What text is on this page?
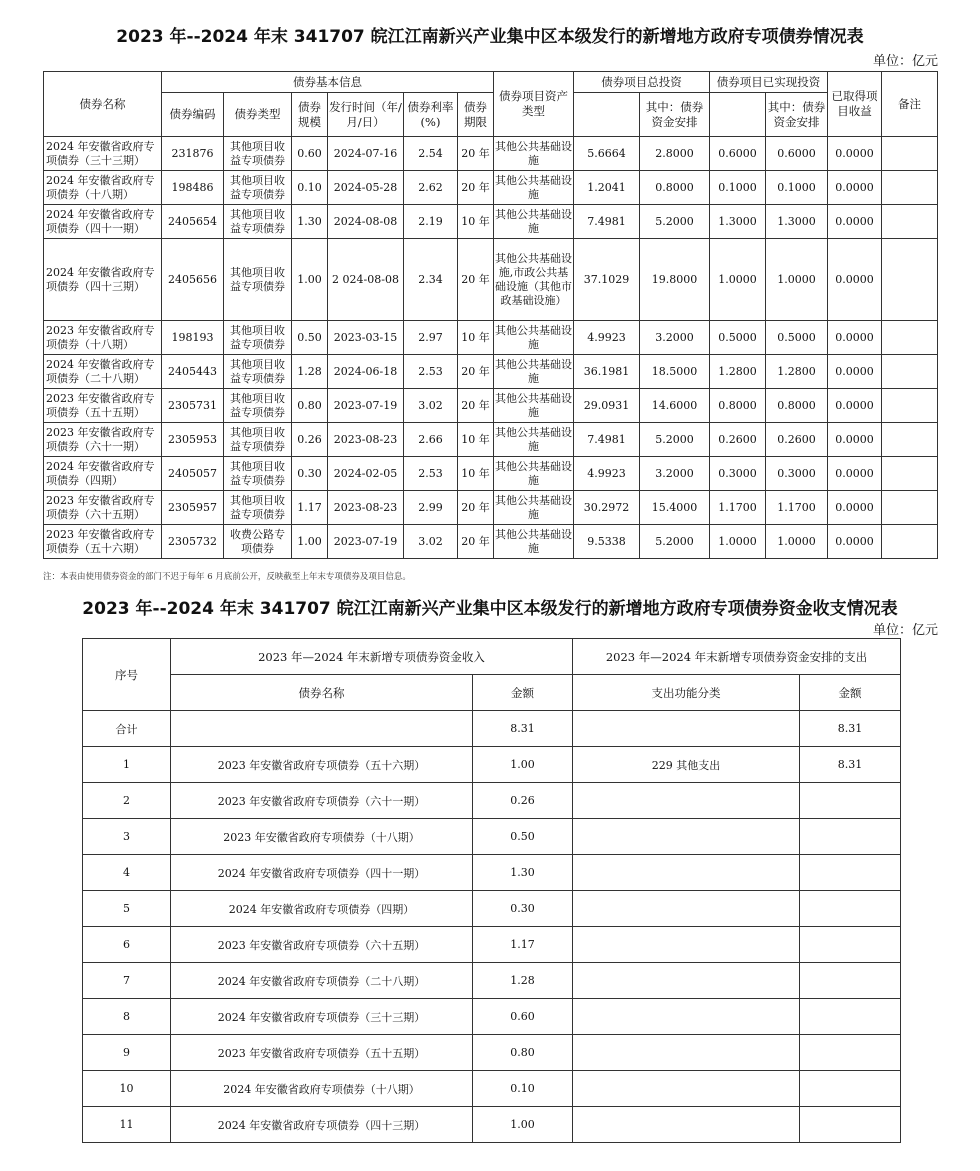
2023 年--2024 年末 341707 皖江江南新兴产业集中区本级发行的新增地方政府专项债券情况表
单位：亿元
债券名称	债券基本信息						债券项目资产类型	债券项目总投资		债券项目已实现投资		已取得项目收益	备注
	债券编码	债券类型	债券规模	发行时间（年/月/日）	债券利率(%)	债券期限			其中：债券资金安排		其中：债券资金安排		

2024 年安徽省政府专项债券（三十三期）	231876	其他项目收益专项债券	0.60	2024-07-16	2.54	20 年	其他公共基础设施	5.6664	2.8000	0.6000	0.6000	0.0000	
2024 年安徽省政府专项债券（十八期）	198486	其他项目收益专项债券	0.10	2024-05-28	2.62	20 年	其他公共基础设施	1.2041	0.8000	0.1000	0.1000	0.0000	
2024 年安徽省政府专项债券（四十一期）	2405654	其他项目收益专项债券	1.30	2024-08-08	2.19	10 年	其他公共基础设施	7.4981	5.2000	1.3000	1.3000	0.0000	
2024 年安徽省政府专项债券（四十三期）	2405656	其他项目收益专项债券	1.00	2 024-08-08	2.34	20 年	其他公共基础设施,市政公共基础设施（其他市政基础设施）	37.1029	19.8000	1.0000	1.0000	0.0000	
2023 年安徽省政府专项债券（十八期）	198193	其他项目收益专项债券	0.50	2023-03-15	2.97	10 年	其他公共基础设施	4.9923	3.2000	0.5000	0.5000	0.0000	
2024 年安徽省政府专项债券（二十八期）	2405443	其他项目收益专项债券	1.28	2024-06-18	2.53	20 年	其他公共基础设施	36.1981	18.5000	1.2800	1.2800	0.0000	
2023 年安徽省政府专项债券（五十五期）	2305731	其他项目收益专项债券	0.80	2023-07-19	3.02	20 年	其他公共基础设施	29.0931	14.6000	0.8000	0.8000	0.0000	
2023 年安徽省政府专项债券（六十一期）	2305953	其他项目收益专项债券	0.26	2023-08-23	2.66	10 年	其他公共基础设施	7.4981	5.2000	0.2600	0.2600	0.0000	
2024 年安徽省政府专项债券（四期）	2405057	其他项目收益专项债券	0.30	2024-02-05	2.53	10 年	其他公共基础设施	4.9923	3.2000	0.3000	0.3000	0.0000	
2023 年安徽省政府专项债券（六十五期）	2305957	其他项目收益专项债券	1.17	2023-08-23	2.99	20 年	其他公共基础设施	30.2972	15.4000	1.1700	1.1700	0.0000	
2023 年安徽省政府专项债券（五十六期）	2305732	收费公路专项债券	1.00	2023-07-19	3.02	20 年	其他公共基础设施	9.5338	5.2000	1.0000	1.0000	0.0000	
注：本表由使用债券资金的部门不迟于每年 6 月底前公开，反映截至上年末专项债券及项目信息。
2023 年--2024 年末 341707 皖江江南新兴产业集中区本级发行的新增地方政府专项债券资金收支情况表
单位：亿元
序号	2023 年—2024 年末新增专项债券资金收入		2023 年—2024 年末新增专项债券资金安排的支出	
	债券名称	金额	支出功能分类	金额
合计		8.31		8.31
1	2023 年安徽省政府专项债券（五十六期）	1.00	229 其他支出	8.31
2	2023 年安徽省政府专项债券（六十一期）	0.26		
3	2023 年安徽省政府专项债券（十八期）	0.50		
4	2024 年安徽省政府专项债券（四十一期）	1.30		
5	2024 年安徽省政府专项债券（四期）	0.30		
6	2023 年安徽省政府专项债券（六十五期）	1.17		
7	2024 年安徽省政府专项债券（二十八期）	1.28		
8	2024 年安徽省政府专项债券（三十三期）	0.60		
9	2023 年安徽省政府专项债券（五十五期）	0.80		
10	2024 年安徽省政府专项债券（十八期）	0.10		
11	2024 年安徽省政府专项债券（四十三期）	1.00		
